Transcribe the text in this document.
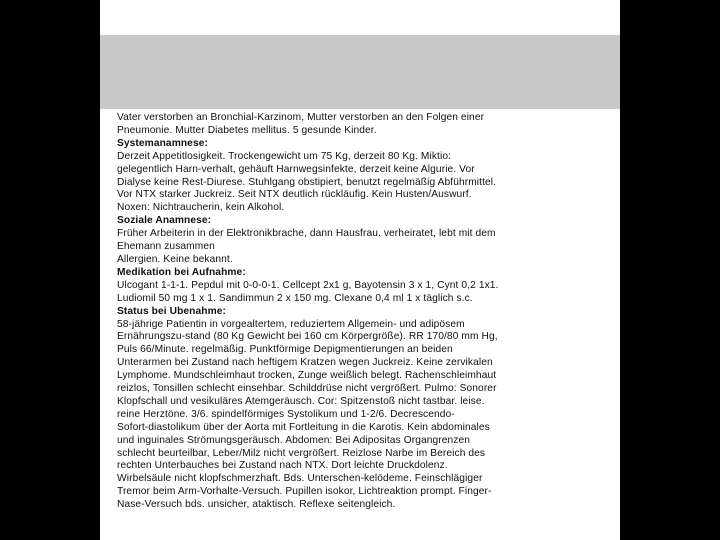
Vater verstorben an Bronchial-Karzinom, Mutter verstorben an den Folgen einer
Pneumonie. Mutter Diabetes mellitus. 5 gesunde Kinder.
Systemanamnese:
Derzeit Appetitlosigkeit. Trockengewicht um 75 Kg, derzeit 80 Kg. Miktio:
gelegentlich Harn-verhalt, gehäuft Harnwegsinfekte, derzeit keine Algurie. Vor
Dialyse keine Rest-Diurese. Stuhlgang obstipiert, benutzt regelmäßig Abführmittel.
Vor NTX starker Juckreiz. Seit NTX deutlich rückläufig. Kein Husten/Auswurf.
Noxen: Nichtraucherin, kein Alkohol.
Soziale Anamnese:
Früher Arbeiterin in der Elektronikbrache, dann Hausfrau. verheiratet, lebt mit dem
Ehemann zusammen
Allergien. Keine bekannt.
Medikation bei Aufnahme:
Ulcogant 1-1-1. Pepdul mit 0-0-0-1. Cellcept 2x1 g, Bayotensin 3 x 1, Cynt 0,2 1x1.
Ludiomil 50 mg 1 x 1. Sandimmun 2 x 150 mg. Clexane 0,4 ml 1 x täglich s.c.
Status bei Übenahme:
58-jährige Patientin in vorgealtertem, reduziertem Allgemein- und adipösem
Ernährungszu-stand (80 Kg Gewicht bei 160 cm Körpergröße). RR 170/80 mm Hg,
Puls 66/Minute. regelmäßig. Punktförmige Depigmentierungen an beiden
Unterarmen bei Zustand nach heftigem Kratzen wegen Juckreiz. Keine zervikalen
Lymphome. Mundschleimhaut trocken, Zunge weißlich belegt. Rachenschleimhaut
reizlos, Tonsillen schlecht einsehbar. Schilddrüse nicht vergrößert. Pulmo: Sonorer
Klopfschall und vesikuläres Atemgeräusch. Cor: Spitzenstoß nicht tastbar. leise.
reine Herztöne. 3/6. spindelförmiges Systolikum und 1-2/6. Decrescendo-
Sofort-diastolikum über der Aorta mit Fortleitung in die Karotis. Kein abdominales
und inguinales Strömungsgeräusch. Abdomen: Bei Adipositas Organgrenzen
schlecht beurteilbar, Leber/Milz nicht vergrößert. Reizlose Narbe im Bereich des
rechten Unterbauches bei Zustand nach NTX. Dort leichte Druckdolenz.
Wirbelsäule nicht klopfschmerzhaft. Bds. Unterschen-kelödeme. Feinschlägiger
Tremor beim Arm-Vorhalte-Versuch. Pupillen isokor, Lichtreaktion prompt. Finger-
Nase-Versuch bds. unsicher, ataktisch. Reflexe seitengleich.
